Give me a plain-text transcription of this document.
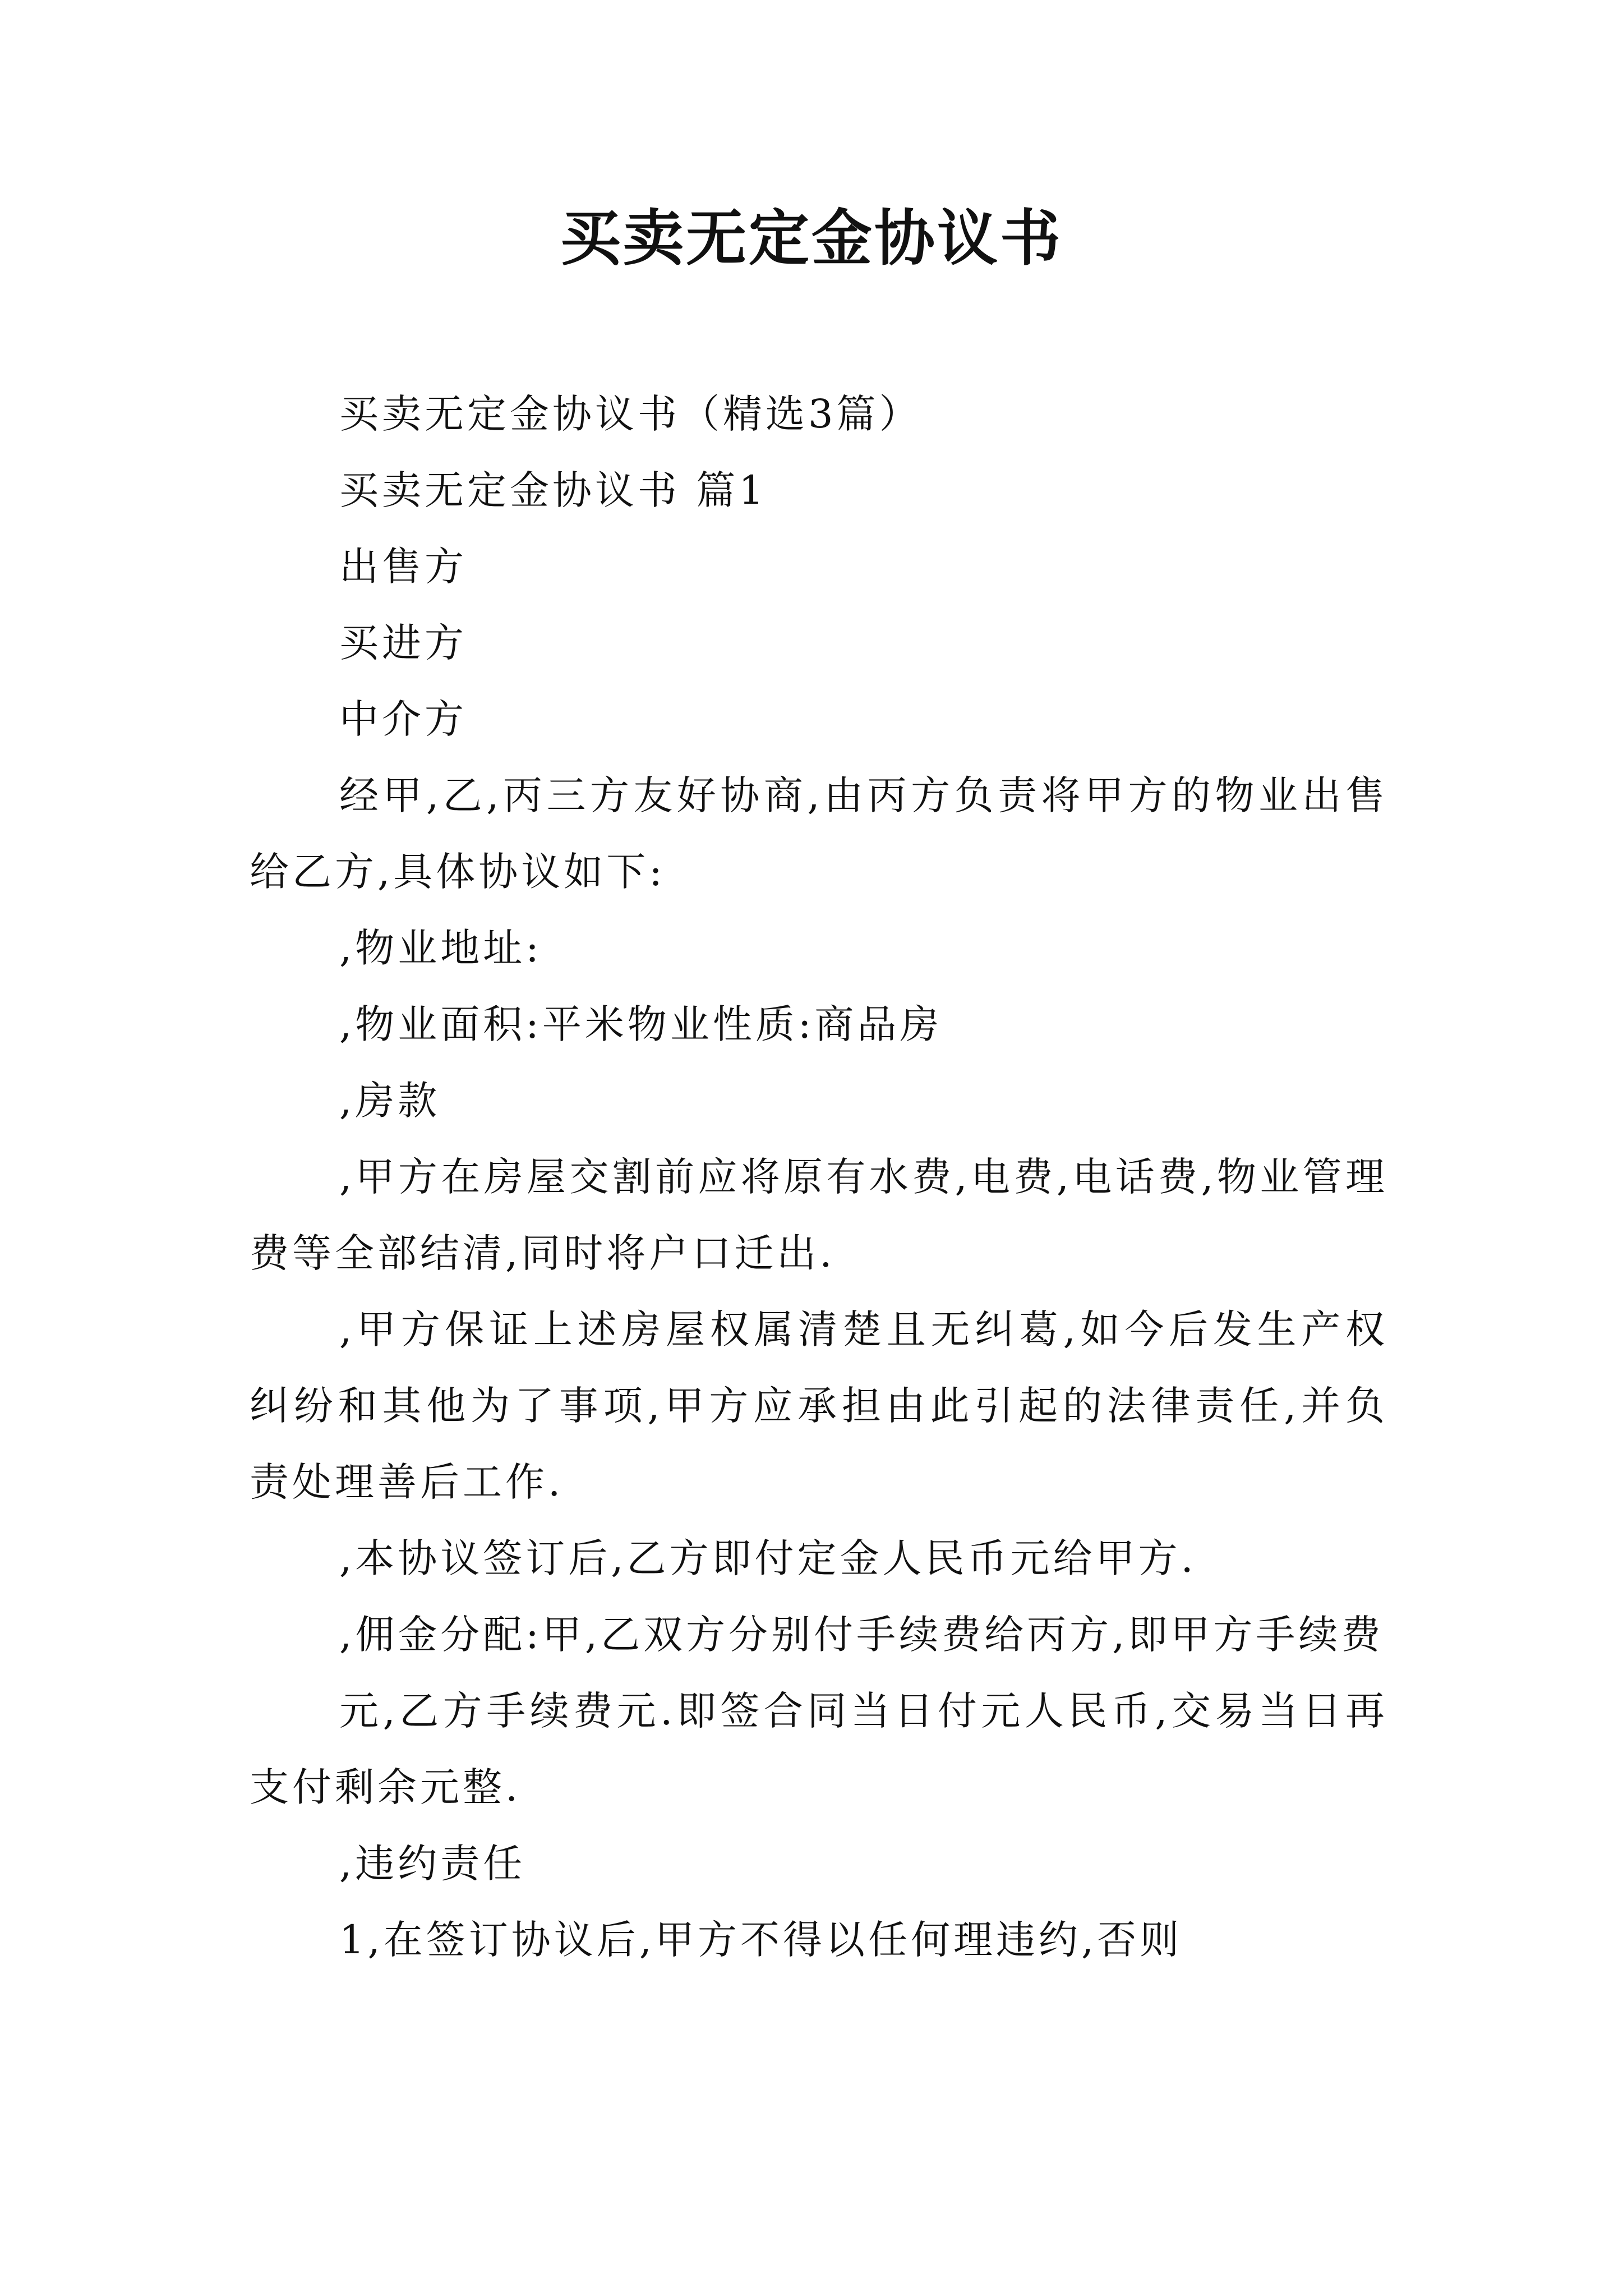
买卖无定金协议书

买卖无定金协议书（精选3篇）

买卖无定金协议书 篇1

出售方

买进方

中介方

经甲,乙,丙三方友好协商,由丙方负责将甲方的物业出售给乙方,具体协议如下:

,物业地址:

,物业面积:平米物业性质:商品房

,房款

,甲方在房屋交割前应将原有水费,电费,电话费,物业管理费等全部结清,同时将户口迁出.

,甲方保证上述房屋权属清楚且无纠葛,如今后发生产权纠纷和其他为了事项,甲方应承担由此引起的法律责任,并负责处理善后工作.

,本协议签订后,乙方即付定金人民币元给甲方.

,佣金分配:甲,乙双方分别付手续费给丙方,即甲方手续费

元,乙方手续费元.即签合同当日付元人民币,交易当日再支付剩余元整.

,违约责任

1,在签订协议后,甲方不得以任何理违约,否则
